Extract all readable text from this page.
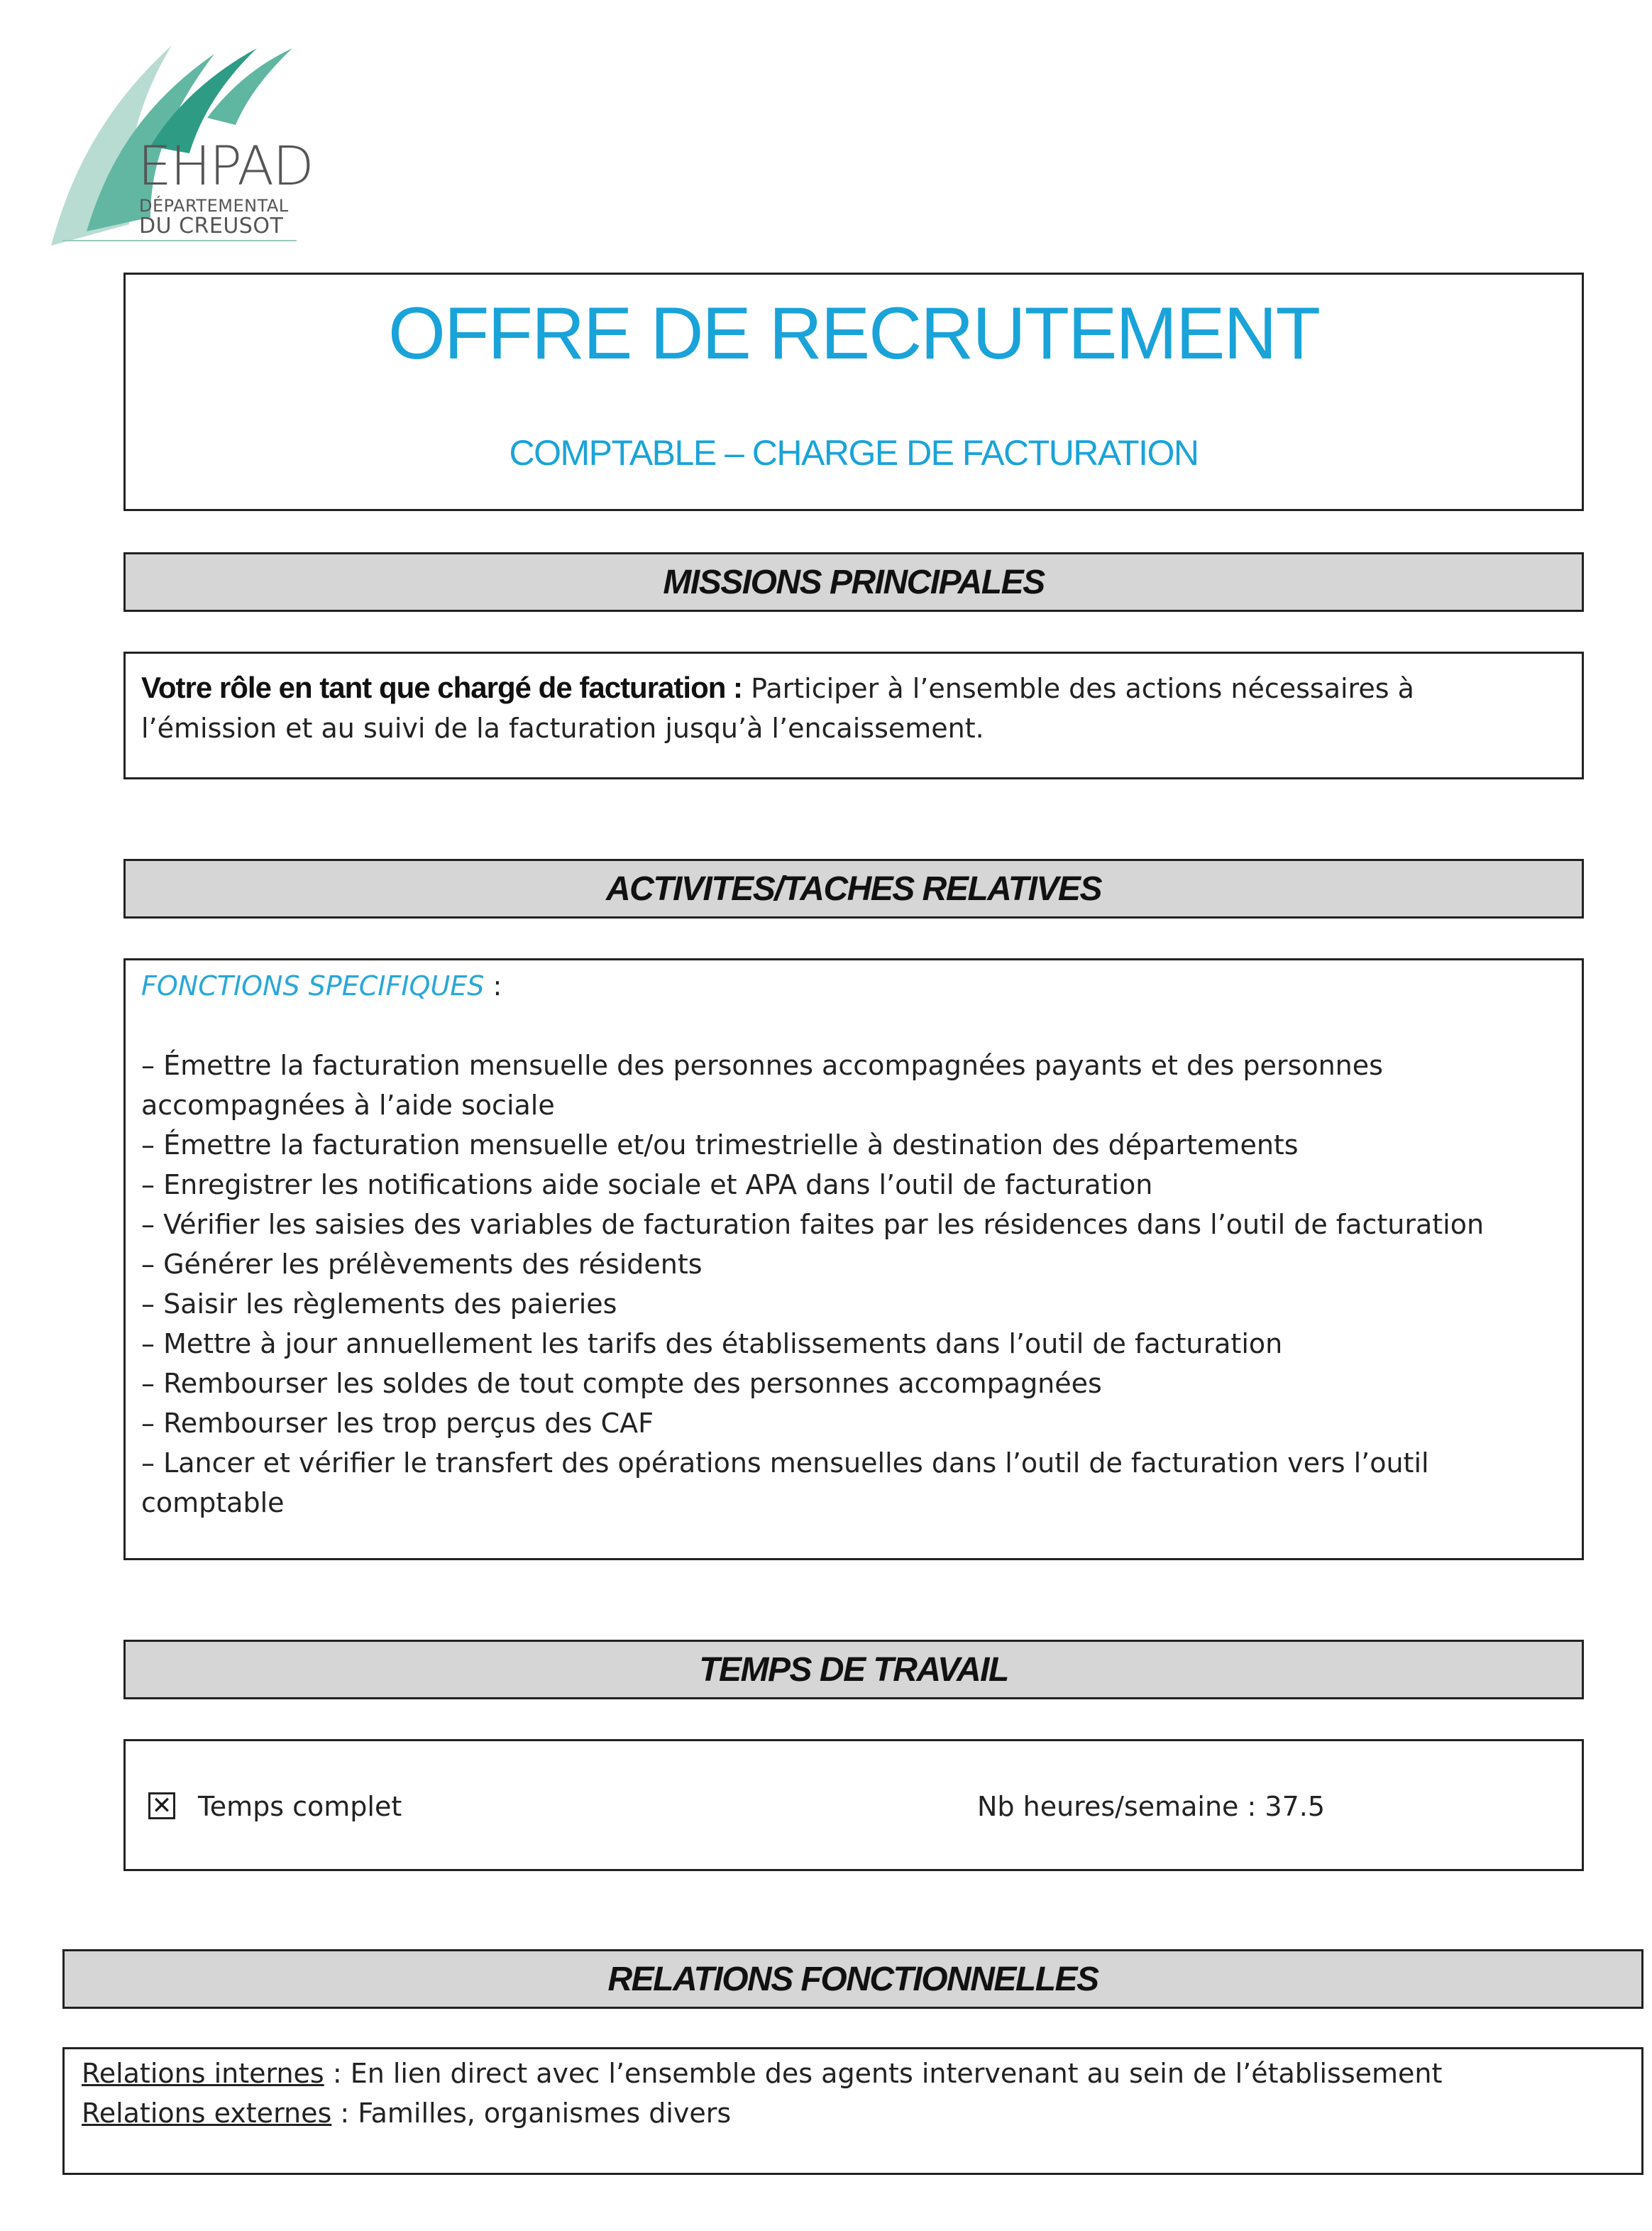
EHPAD
DÉPARTEMENTAL
DU CREUSOT
OFFRE DE RECRUTEMENT
COMPTABLE – CHARGE DE FACTURATION
MISSIONS PRINCIPALES
Votre rôle en tant que chargé de facturation : Participer à l’ensemble des actions nécessaires à l’émission et au suivi de la facturation jusqu’à l’encaissement.
ACTIVITES/TACHES RELATIVES
FONCTIONS SPECIFIQUES :
– Émettre la facturation mensuelle des personnes accompagnées payants et des personnes accompagnées à l’aide sociale
– Émettre la facturation mensuelle et/ou trimestrielle à destination des départements
– Enregistrer les notifications aide sociale et APA dans l’outil de facturation
– Vérifier les saisies des variables de facturation faites par les résidences dans l’outil de facturation
– Générer les prélèvements des résidents
– Saisir les règlements des paieries
– Mettre à jour annuellement les tarifs des établissements dans l’outil de facturation
– Rembourser les soldes de tout compte des personnes accompagnées
– Rembourser les trop perçus des CAF
– Lancer et vérifier le transfert des opérations mensuelles dans l’outil de facturation vers l’outil comptable
TEMPS DE TRAVAIL
✕ Temps complet	Nb heures/semaine : 37.5
RELATIONS FONCTIONNELLES
Relations internes : En lien direct avec l’ensemble des agents intervenant au sein de l’établissement
Relations externes : Familles, organismes divers
